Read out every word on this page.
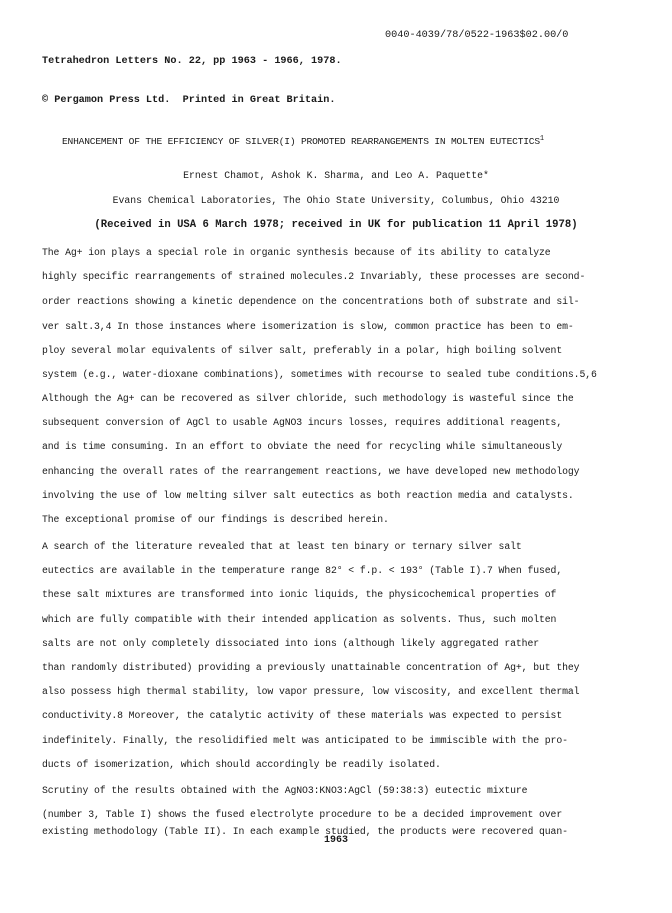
Tetrahedron Letters No. 22, pp 1963 - 1966, 1978.

© Pergamon Press Ltd.  Printed in Great Britain.

0040-4039/78/0522-1963$02.00/0
ENHANCEMENT OF THE EFFICIENCY OF SILVER(I) PROMOTED REARRANGEMENTS IN MOLTEN EUTECTICS$^1$
Ernest Chamot, Ashok K. Sharma, and Leo A. Paquette*
Evans Chemical Laboratories, The Ohio State University, Columbus, Ohio 43210
(Received in USA 6 March 1978; received in UK for publication 11 April 1978)
The Ag+ ion plays a special role in organic synthesis because of its ability to catalyze
highly specific rearrangements of strained molecules.2 Invariably, these processes are second-
order reactions showing a kinetic dependence on the concentrations both of substrate and sil-
ver salt.3,4 In those instances where isomerization is slow, common practice has been to em-
ploy several molar equivalents of silver salt, preferably in a polar, high boiling solvent
system (e.g., water-dioxane combinations), sometimes with recourse to sealed tube conditions.5,6
Although the Ag+ can be recovered as silver chloride, such methodology is wasteful since the
subsequent conversion of AgCl to usable AgNO3 incurs losses, requires additional reagents,
and is time consuming. In an effort to obviate the need for recycling while simultaneously
enhancing the overall rates of the rearrangement reactions, we have developed new methodology
involving the use of low melting silver salt eutectics as both reaction media and catalysts.
The exceptional promise of our findings is described herein.
A search of the literature revealed that at least ten binary or ternary silver salt
eutectics are available in the temperature range 82° < f.p. < 193° (Table I).7 When fused,
these salt mixtures are transformed into ionic liquids, the physicochemical properties of
which are fully compatible with their intended application as solvents. Thus, such molten
salts are not only completely dissociated into ions (although likely aggregated rather
than randomly distributed) providing a previously unattainable concentration of Ag+, but they
also possess high thermal stability, low vapor pressure, low viscosity, and excellent thermal
conductivity.8 Moreover, the catalytic activity of these materials was expected to persist
indefinitely. Finally, the resolidified melt was anticipated to be immiscible with the pro-
ducts of isomerization, which should accordingly be readily isolated.
Scrutiny of the results obtained with the AgNO3:KNO3:AgCl (59:38:3) eutectic mixture
(number 3, Table I) shows the fused electrolyte procedure to be a decided improvement over
existing methodology (Table II). In each example studied, the products were recovered quan-
1963
